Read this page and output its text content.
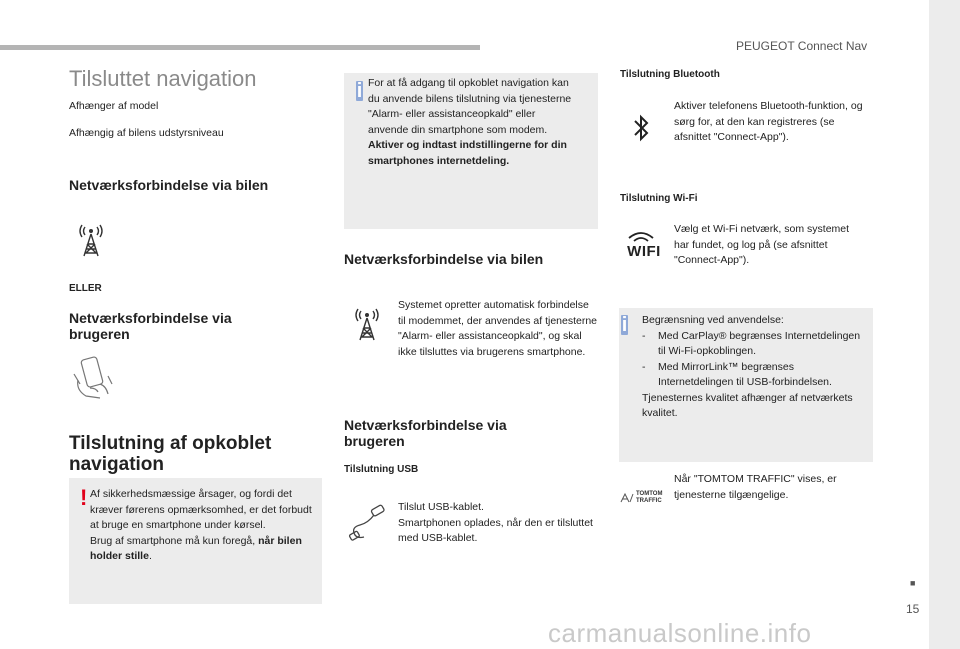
PEUGEOT Connect Nav
Tilsluttet navigation
Afhænger af model
Afhængig af bilens udstyrsniveau
Netværksforbindelse via bilen
ELLER
Netværksforbindelse via brugeren
Tilslutning af opkoblet navigation
! Af sikkerhedsmæssige årsager, og fordi det kræver førerens opmærksomhed, er det forbudt at bruge en smartphone under kørsel.
Brug af smartphone må kun foregå, når bilen holder stille.
i For at få adgang til opkoblet navigation kan du anvende bilens tilslutning via tjenesterne "Alarm- eller assistanceopkald" eller anvende din smartphone som modem.
Aktiver og indtast indstillingerne for din smartphones internetdeling.
Netværksforbindelse via bilen
Systemet opretter automatisk forbindelse til modemmet, der anvendes af tjenesterne "Alarm- eller assistanceopkald", og skal ikke tilsluttes via brugerens smartphone.
Netværksforbindelse via brugeren
Tilslutning USB
Tilslut USB-kablet.
Smartphonen oplades, når den er tilsluttet med USB-kablet.
Tilslutning Bluetooth
Aktiver telefonens Bluetooth-funktion, og sørg for, at den kan registreres (se afsnittet "Connect-App").
Tilslutning Wi-Fi
WIFI
Vælg et Wi-Fi netværk, som systemet har fundet, og log på (se afsnittet "Connect-App").
i Begrænsning ved anvendelse:
- Med CarPlay® begrænses Internetdelingen til Wi-Fi-opkoblingen.
- Med MirrorLink™ begrænses Internetdelingen til USB-forbindelsen.
Tjenesternes kvalitet afhænger af netværkets kvalitet.
TOMTOM
TRAFFIC
Når "TOMTOM TRAFFIC" vises, er tjenesterne tilgængelige.
■
15
carmanualsonline.info
